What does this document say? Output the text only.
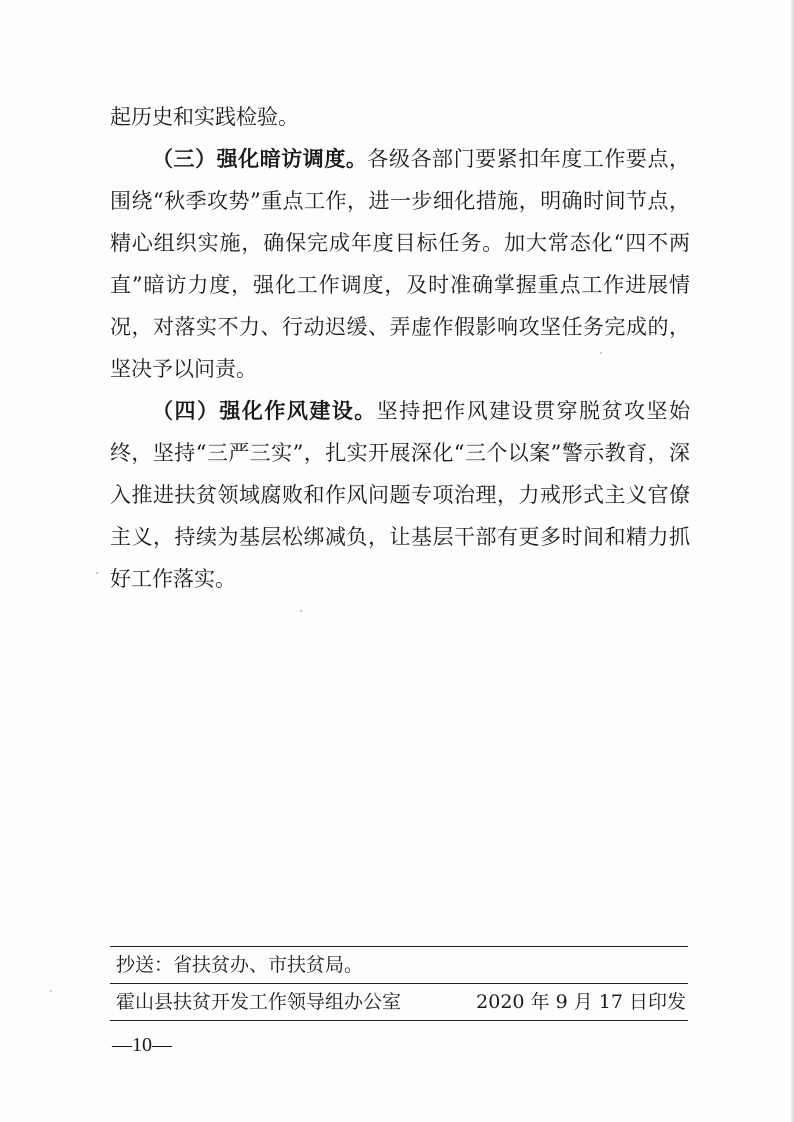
起历史和实践检验。

（三）强化暗访调度。各级各部门要紧扣年度工作要点，围绕“秋季攻势”重点工作，进一步细化措施，明确时间节点，精心组织实施，确保完成年度目标任务。加大常态化“四不两直”暗访力度，强化工作调度，及时准确掌握重点工作进展情况，对落实不力、行动迟缓、弄虚作假影响攻坚任务完成的，坚决予以问责。

（四）强化作风建设。坚持把作风建设贯穿脱贫攻坚始终，坚持“三严三实”，扎实开展深化“三个以案”警示教育，深入推进扶贫领域腐败和作风问题专项治理，力戒形式主义官僚主义，持续为基层松绑减负，让基层干部有更多时间和精力抓好工作落实。

抄送：省扶贫办、市扶贫局。
霍山县扶贫开发工作领导组办公室	2020 年 9 月 17 日印发
—10—
